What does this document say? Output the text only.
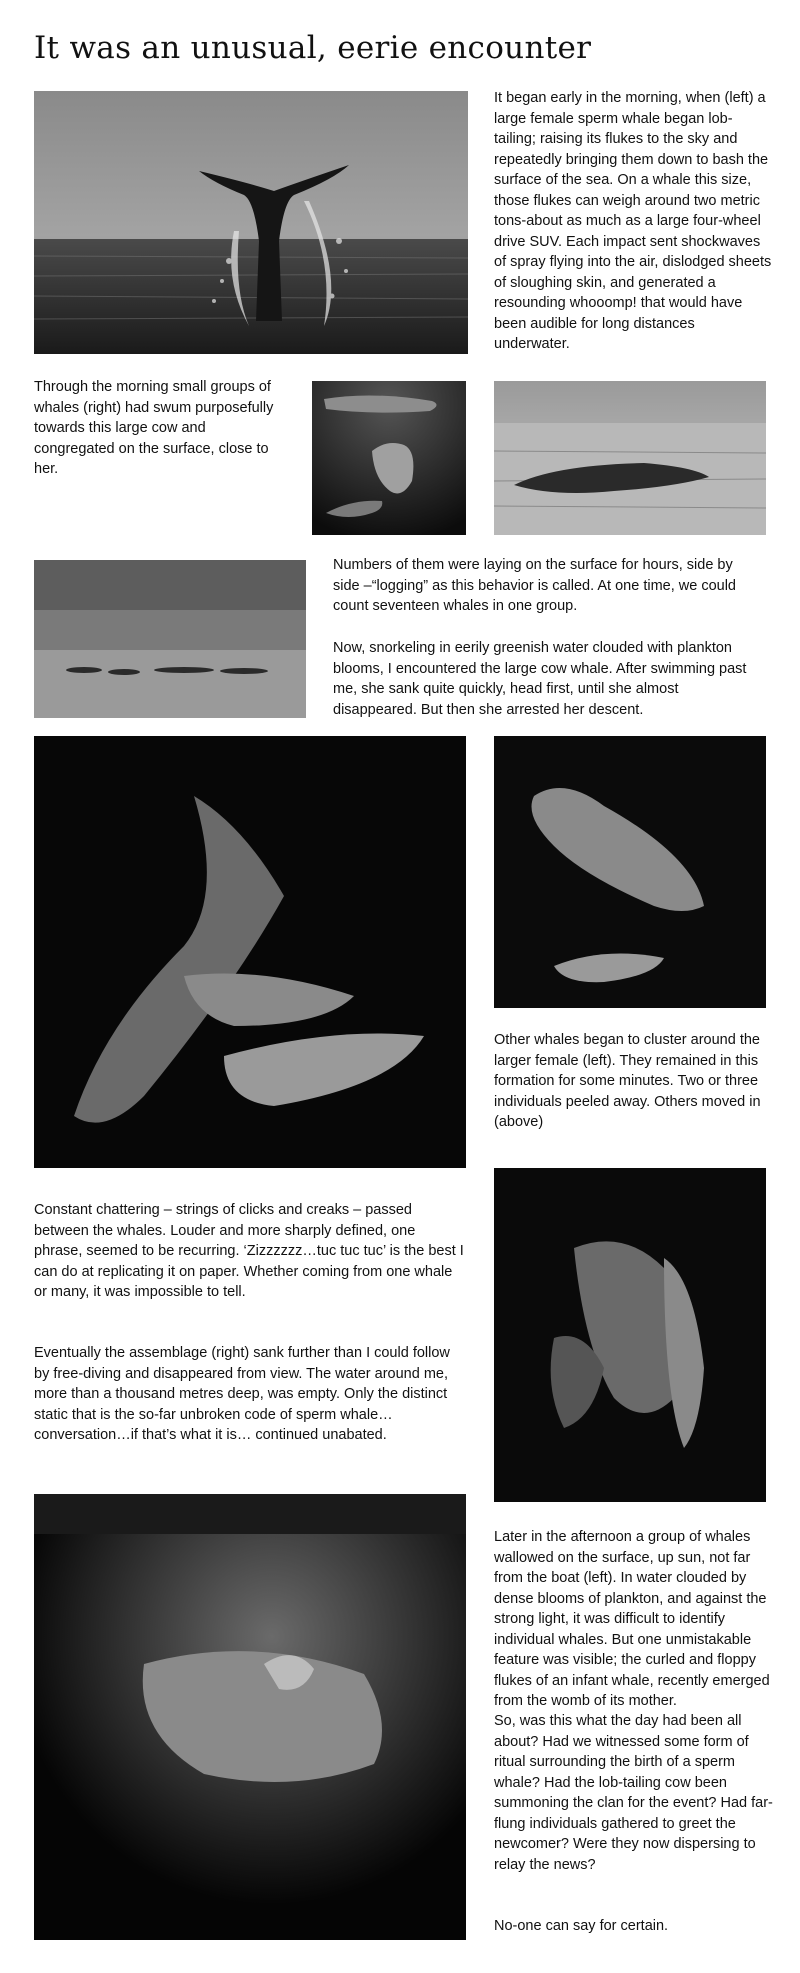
It was an unusual, eerie encounter

It began early in the morning, when (left) a large female sperm whale began lob-tailing; raising its flukes to the sky and repeatedly bringing them down to bash the surface of the sea. On a whale this size, those flukes can weigh around two metric tons-about as much as a large four-wheel drive SUV. Each impact sent shockwaves of spray flying into the air, dislodged sheets of sloughing skin, and generated a resounding whooomp! that would have been audible for long distances underwater.

Through the morning small groups of whales (right) had swum purposefully towards this large cow and congregated on the surface, close to her.

Numbers of them were laying on the surface for hours, side by side –“logging” as this behavior is called. At one time, we could count seventeen whales in one group.

Now, snorkeling in eerily greenish water clouded with plankton blooms, I encountered the large cow whale. After swimming past me, she sank quite quickly, head first, until she almost disappeared. But then she arrested her descent.

Other whales began to cluster around the larger female (left). They remained in this formation for some minutes. Two or three individuals peeled away. Others moved in (above)

Constant chattering – strings of clicks and creaks – passed between the whales. Louder and more sharply defined, one phrase, seemed to be recurring. ‘Zizzzzzz…tuc tuc tuc’ is the best I can do at replicating it on paper. Whether coming from one whale or many, it was impossible to tell.

Eventually the assemblage (right) sank further than I could follow by free-diving and disappeared from view. The water around me, more than a thousand metres deep, was empty. Only the distinct static that is the so-far unbroken code of sperm whale…conversation…if that’s what it is… continued unabated.

Later in the afternoon a group of whales wallowed on the surface, up sun, not far from the boat (left). In water clouded by dense blooms of plankton, and against the strong light, it was difficult to identify individual whales. But one unmistakable feature was visible; the curled and floppy flukes of an infant whale, recently emerged from the womb of its mother.

So, was this what the day had been all about? Had we witnessed some form of ritual surrounding the birth of a sperm whale? Had the lob-tailing cow been summoning the clan for the event? Had far-flung individuals gathered to greet the newcomer? Were they now dispersing to relay the news?

No-one can say for certain.
